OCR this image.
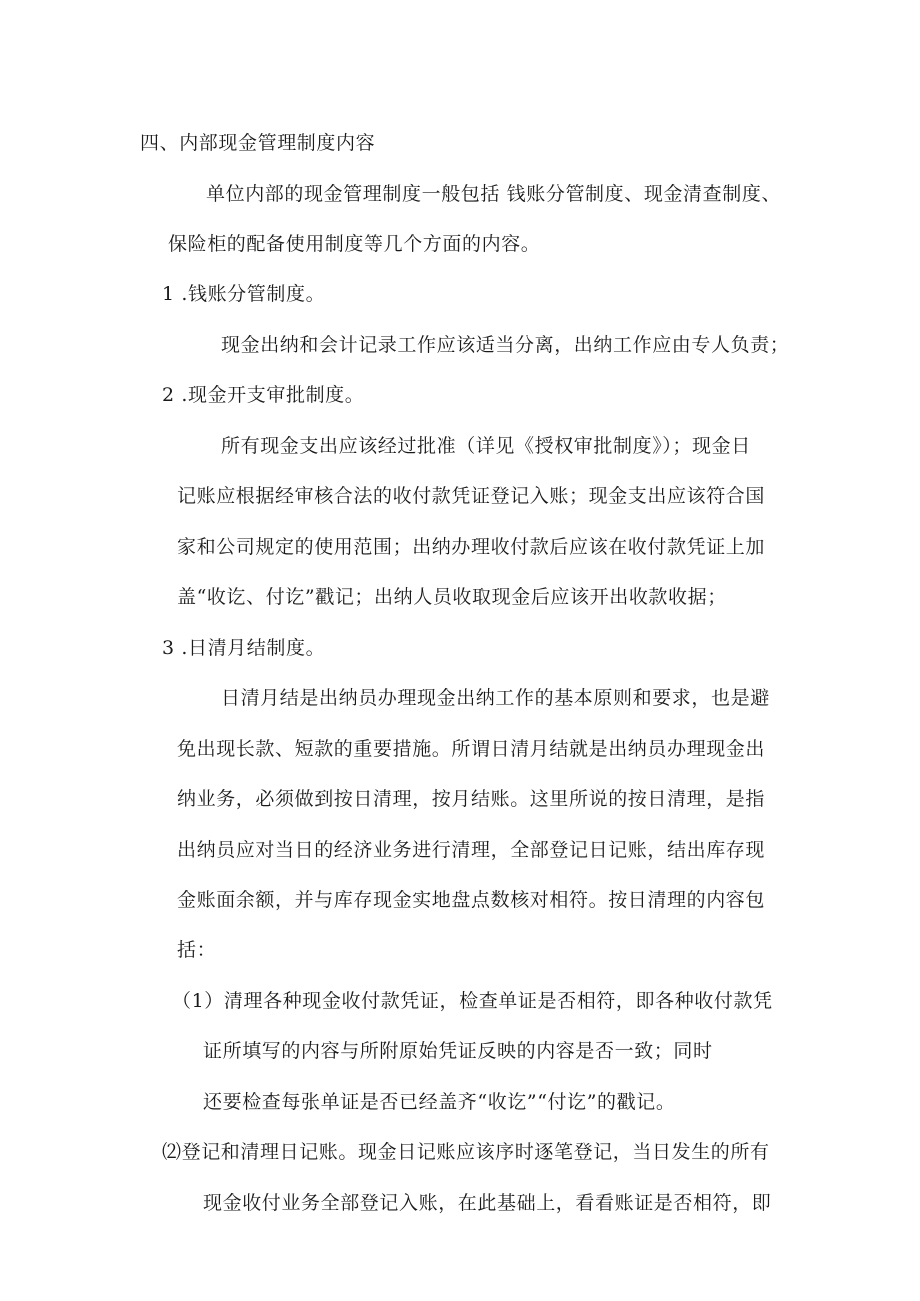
四、内部现金管理制度内容
单位内部的现金管理制度一般包括 钱账分管制度、现金清查制度、
保险柜的配备使用制度等几个方面的内容。
1 .钱账分管制度。
现金出纳和会计记录工作应该适当分离，出纳工作应由专人负责；
2 .现金开支审批制度。
所有现金支出应该经过批准（详见《授权审批制度》）；现金日
记账应根据经审核合法的收付款凭证登记入账；现金支出应该符合国
家和公司规定的使用范围；出纳办理收付款后应该在收付款凭证上加
盖“收讫、付讫”戳记；出纳人员收取现金后应该开出收款收据；
3 .日清月结制度。
日清月结是出纳员办理现金出纳工作的基本原则和要求，也是避
免出现长款、短款的重要措施。所谓日清月结就是出纳员办理现金出
纳业务，必须做到按日清理，按月结账。这里所说的按日清理，是指
出纳员应对当日的经济业务进行清理，全部登记日记账，结出库存现
金账面余额，并与库存现金实地盘点数核对相符。按日清理的内容包
括：
（1）清理各种现金收付款凭证，检查单证是否相符，即各种收付款凭
证所填写的内容与所附原始凭证反映的内容是否一致；同时
还要检查每张单证是否已经盖齐“收讫”“付讫”的戳记。
⑵登记和清理日记账。现金日记账应该序时逐笔登记，当日发生的所有
现金收付业务全部登记入账，在此基础上，看看账证是否相符，即
